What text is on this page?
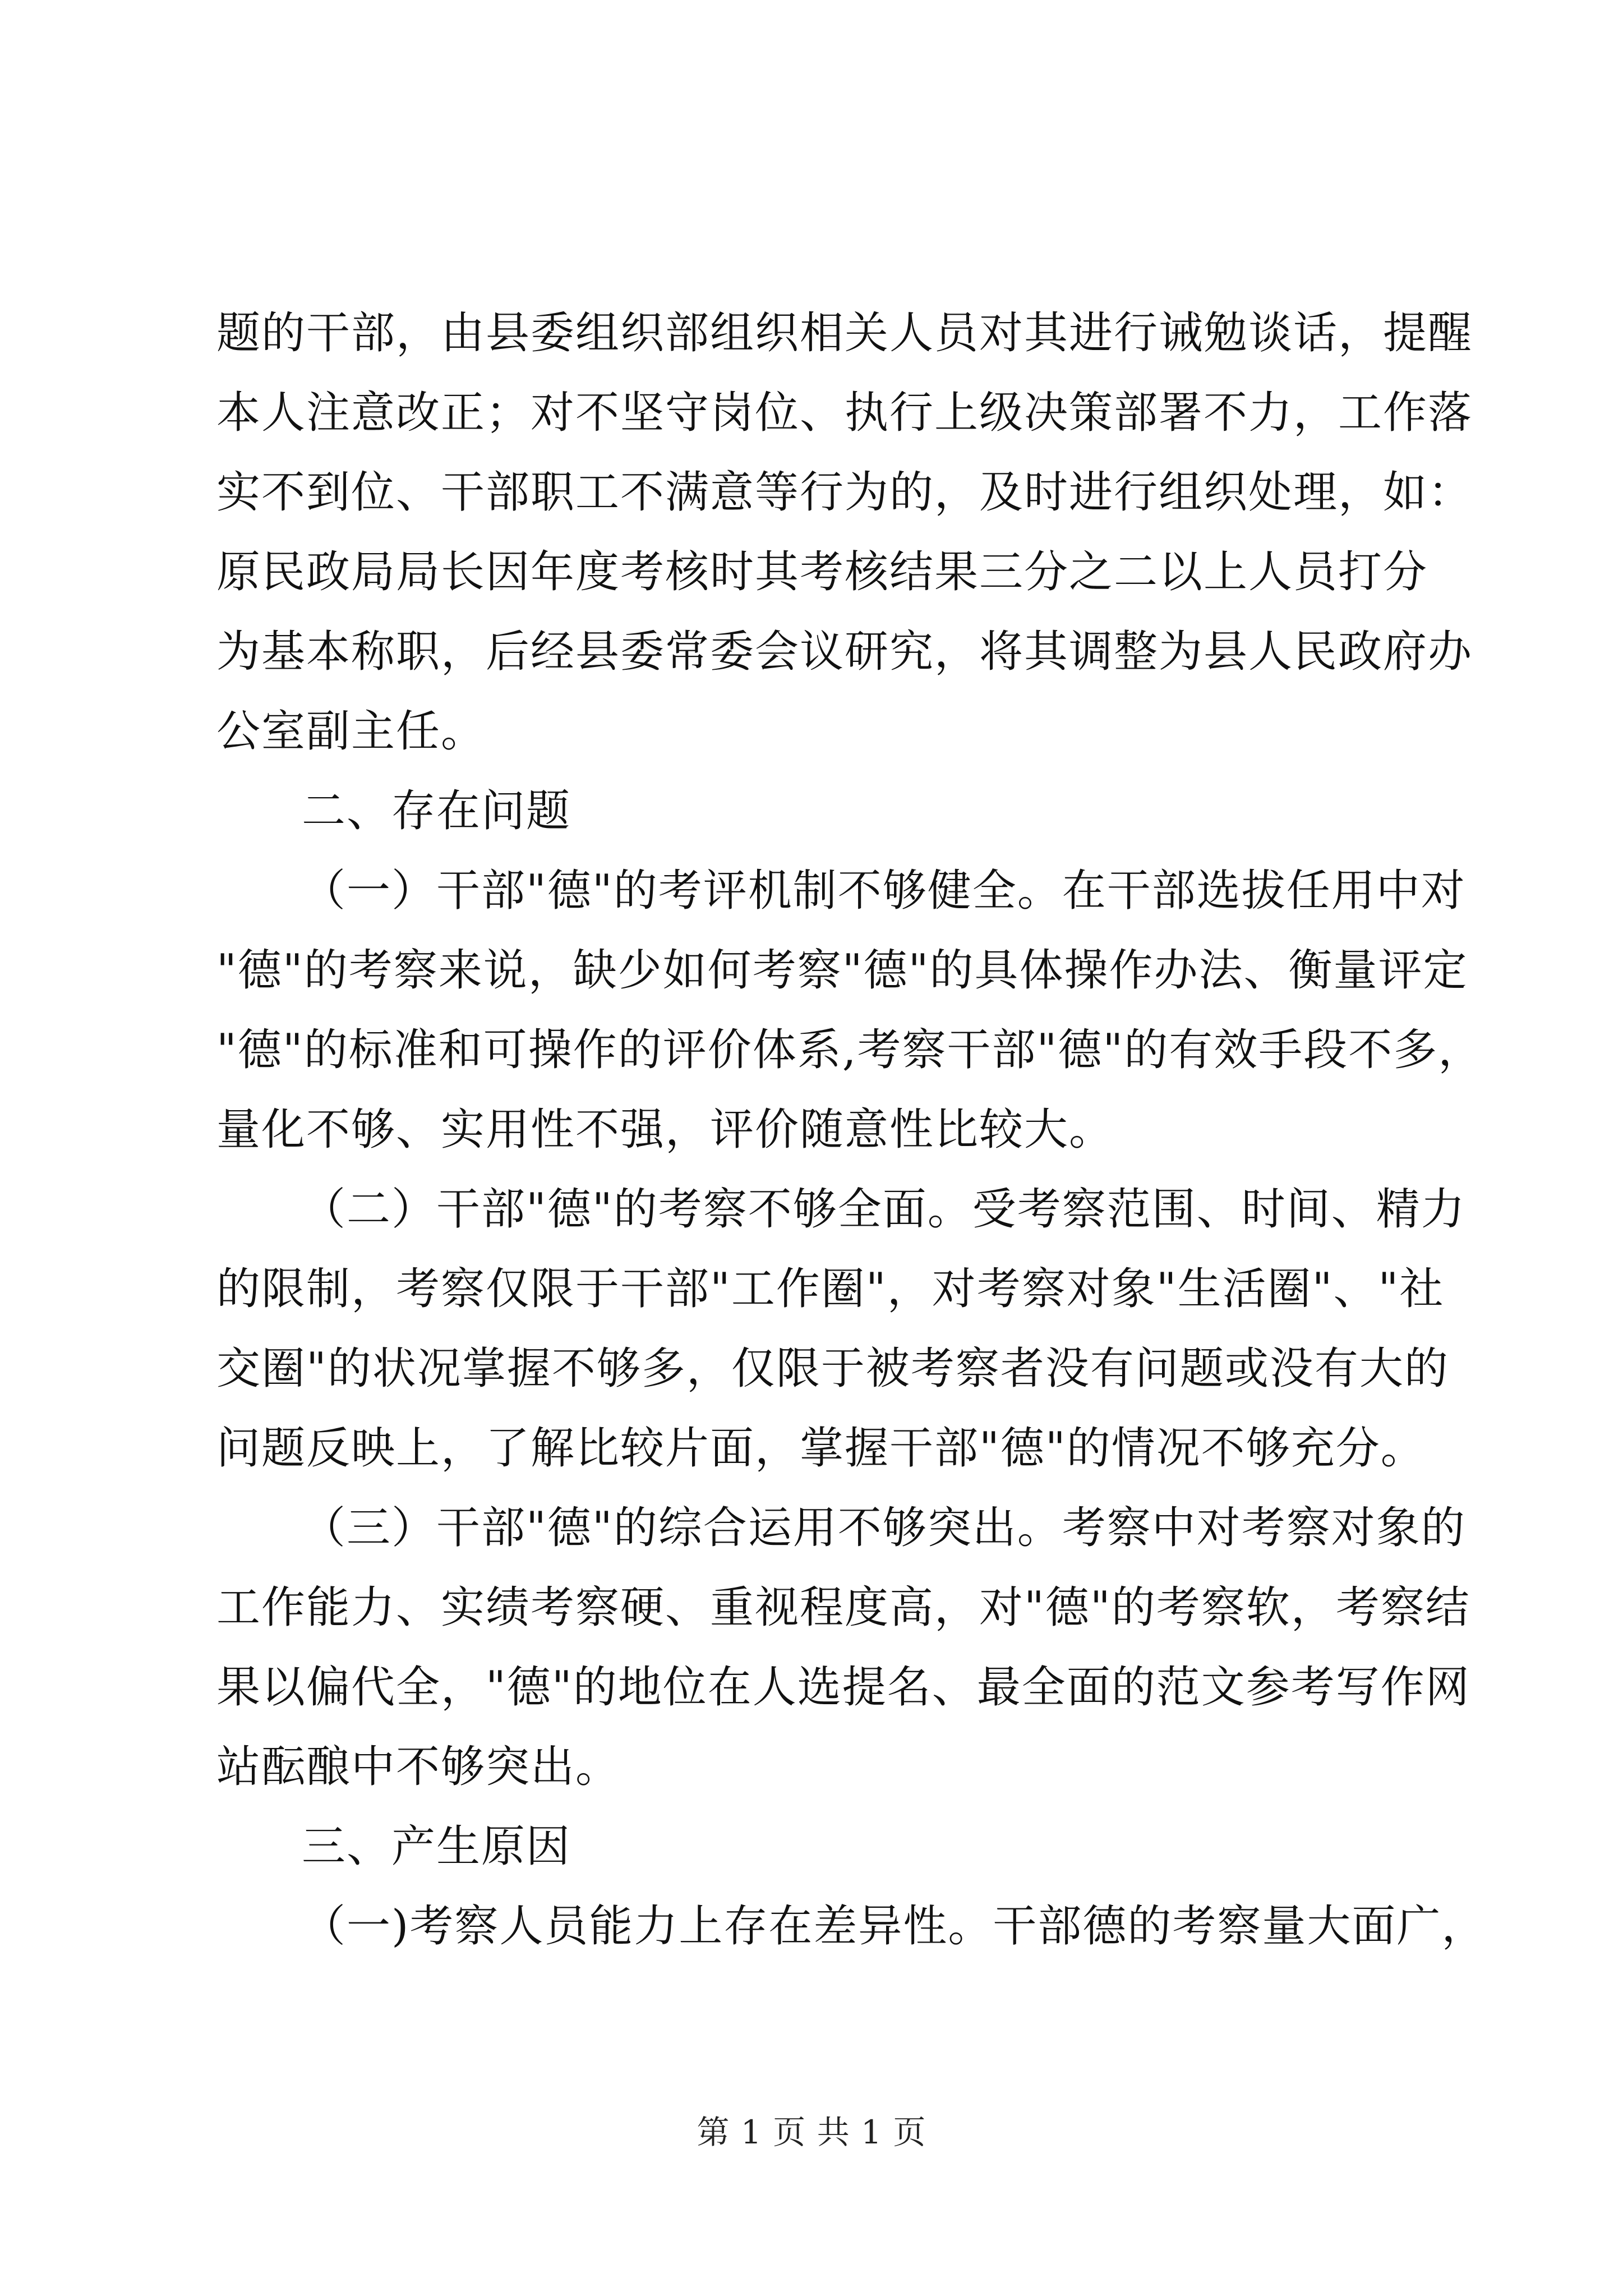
题的干部，由县委组织部组织相关人员对其进行诫勉谈话，提醒
本人注意改正；对不坚守岗位、执行上级决策部署不力，工作落
实不到位、干部职工不满意等行为的，及时进行组织处理，如：
原民政局局长因年度考核时其考核结果三分之二以上人员打分
为基本称职，后经县委常委会议研究，将其调整为县人民政府办
公室副主任。
二、存在问题
（一）干部"德"的考评机制不够健全。在干部选拔任用中对
"德"的考察来说，缺少如何考察"德"的具体操作办法、衡量评定
"德"的标准和可操作的评价体系,考察干部"德"的有效手段不多，
量化不够、实用性不强，评价随意性比较大。
（二）干部"德"的考察不够全面。受考察范围、时间、精力
的限制，考察仅限于干部"工作圈"，对考察对象"生活圈"、"社
交圈"的状况掌握不够多，仅限于被考察者没有问题或没有大的
问题反映上，了解比较片面，掌握干部"德"的情况不够充分。
（三）干部"德"的综合运用不够突出。考察中对考察对象的
工作能力、实绩考察硬、重视程度高，对"德"的考察软，考察结
果以偏代全，"德"的地位在人选提名、最全面的范文参考写作网
站酝酿中不够突出。
三、产生原因
（一)考察人员能力上存在差异性。干部德的考察量大面广，
第 1 页 共 1 页
